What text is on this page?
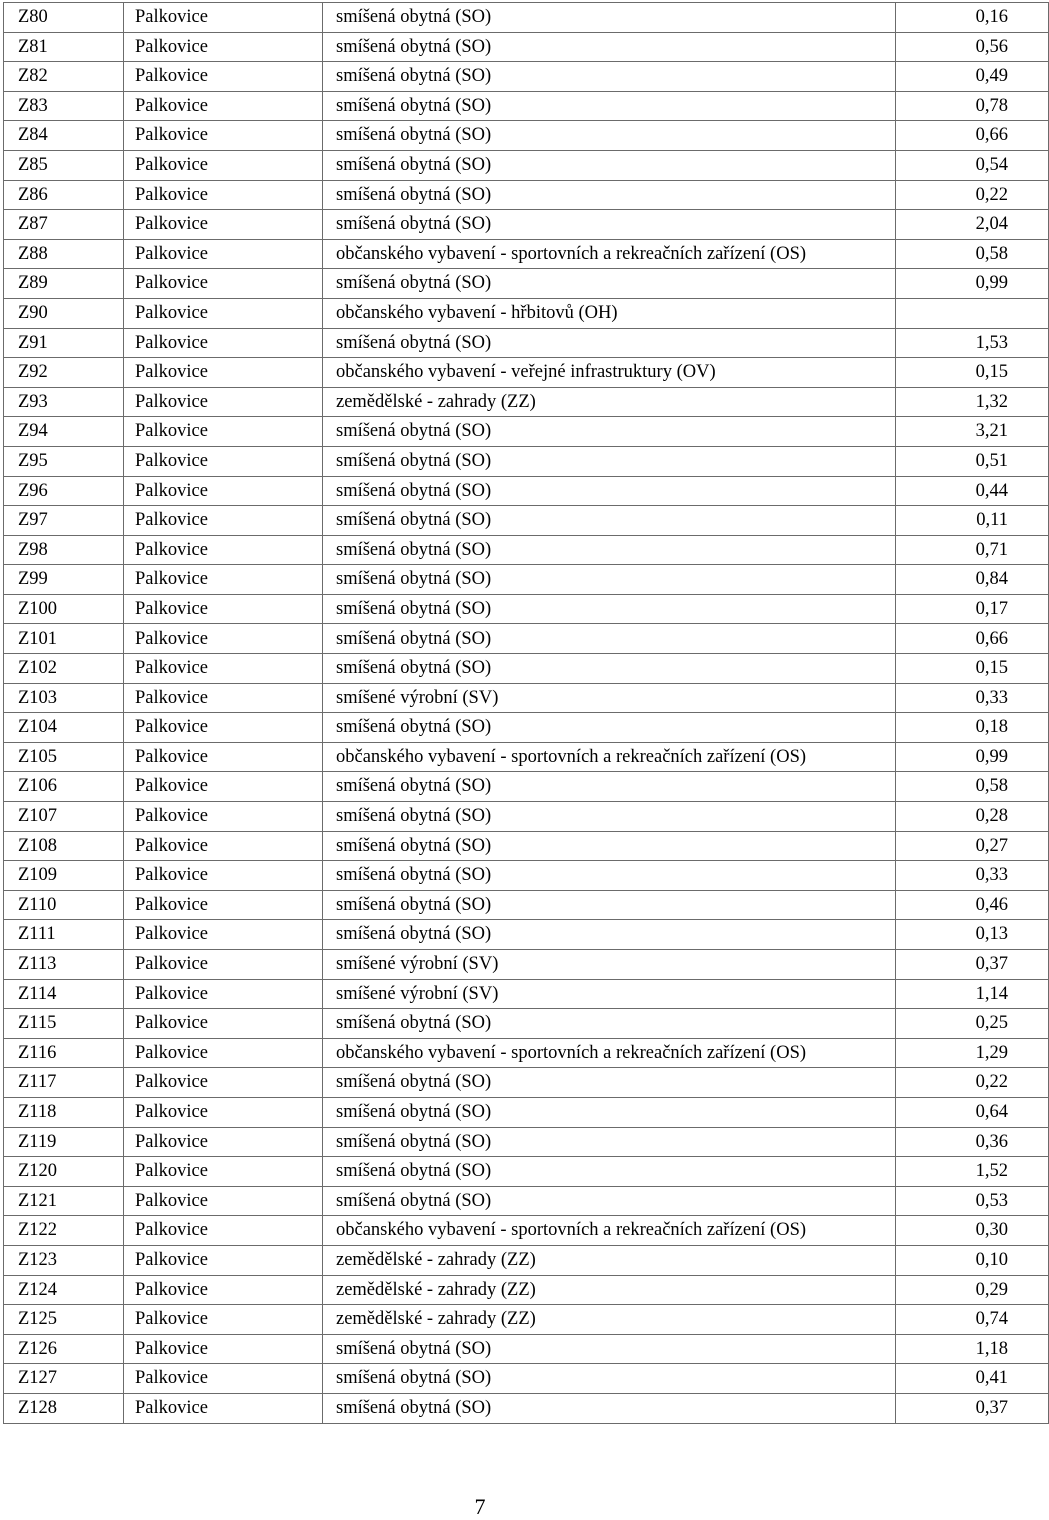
Z80	Palkovice	smíšená obytná (SO)	0,16
Z81	Palkovice	smíšená obytná (SO)	0,56
Z82	Palkovice	smíšená obytná (SO)	0,49
Z83	Palkovice	smíšená obytná (SO)	0,78
Z84	Palkovice	smíšená obytná (SO)	0,66
Z85	Palkovice	smíšená obytná (SO)	0,54
Z86	Palkovice	smíšená obytná (SO)	0,22
Z87	Palkovice	smíšená obytná (SO)	2,04
Z88	Palkovice	občanského vybavení - sportovních a rekreačních zařízení (OS)	0,58
Z89	Palkovice	smíšená obytná (SO)	0,99
Z90	Palkovice	občanského vybavení - hřbitovů (OH)	
Z91	Palkovice	smíšená obytná (SO)	1,53
Z92	Palkovice	občanského vybavení - veřejné infrastruktury (OV)	0,15
Z93	Palkovice	zemědělské - zahrady (ZZ)	1,32
Z94	Palkovice	smíšená obytná (SO)	3,21
Z95	Palkovice	smíšená obytná (SO)	0,51
Z96	Palkovice	smíšená obytná (SO)	0,44
Z97	Palkovice	smíšená obytná (SO)	0,11
Z98	Palkovice	smíšená obytná (SO)	0,71
Z99	Palkovice	smíšená obytná (SO)	0,84
Z100	Palkovice	smíšená obytná (SO)	0,17
Z101	Palkovice	smíšená obytná (SO)	0,66
Z102	Palkovice	smíšená obytná (SO)	0,15
Z103	Palkovice	smíšené výrobní (SV)	0,33
Z104	Palkovice	smíšená obytná (SO)	0,18
Z105	Palkovice	občanského vybavení - sportovních a rekreačních zařízení (OS)	0,99
Z106	Palkovice	smíšená obytná (SO)	0,58
Z107	Palkovice	smíšená obytná (SO)	0,28
Z108	Palkovice	smíšená obytná (SO)	0,27
Z109	Palkovice	smíšená obytná (SO)	0,33
Z110	Palkovice	smíšená obytná (SO)	0,46
Z111	Palkovice	smíšená obytná (SO)	0,13
Z113	Palkovice	smíšené výrobní (SV)	0,37
Z114	Palkovice	smíšené výrobní (SV)	1,14
Z115	Palkovice	smíšená obytná (SO)	0,25
Z116	Palkovice	občanského vybavení - sportovních a rekreačních zařízení (OS)	1,29
Z117	Palkovice	smíšená obytná (SO)	0,22
Z118	Palkovice	smíšená obytná (SO)	0,64
Z119	Palkovice	smíšená obytná (SO)	0,36
Z120	Palkovice	smíšená obytná (SO)	1,52
Z121	Palkovice	smíšená obytná (SO)	0,53
Z122	Palkovice	občanského vybavení - sportovních a rekreačních zařízení (OS)	0,30
Z123	Palkovice	zemědělské - zahrady (ZZ)	0,10
Z124	Palkovice	zemědělské - zahrady (ZZ)	0,29
Z125	Palkovice	zemědělské - zahrady (ZZ)	0,74
Z126	Palkovice	smíšená obytná (SO)	1,18
Z127	Palkovice	smíšená obytná (SO)	0,41
Z128	Palkovice	smíšená obytná (SO)	0,37
7
